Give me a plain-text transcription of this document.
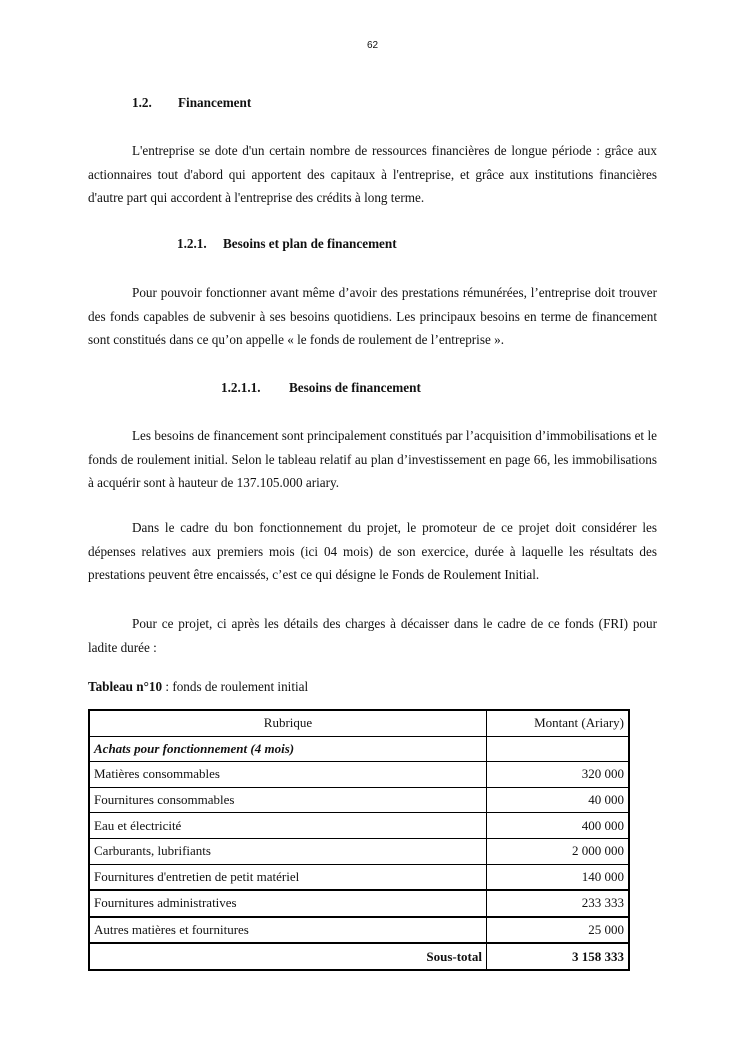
62
1.2. Financement
L'entreprise se dote d'un certain nombre de ressources financières de longue période : grâce aux actionnaires tout d'abord qui apportent des capitaux à l'entreprise, et grâce aux institutions financières d'autre part qui accordent à l'entreprise des crédits à long terme.
1.2.1. Besoins et plan de financement
Pour pouvoir fonctionner avant même d’avoir des prestations rémunérées, l’entreprise doit trouver des fonds capables de subvenir à ses besoins quotidiens. Les principaux besoins en terme de financement sont constitués dans ce qu’on appelle « le fonds de roulement de l’entreprise ».
1.2.1.1. Besoins de financement
Les besoins de financement sont principalement constitués par l’acquisition d’immobilisations et le fonds de roulement initial. Selon le tableau relatif au plan d’investissement en page 66, les immobilisations à acquérir sont à hauteur de 137.105.000 ariary.
Dans le cadre du bon fonctionnement du projet, le promoteur de ce projet doit considérer les dépenses relatives aux premiers mois (ici 04 mois) de son exercice, durée à laquelle les résultats des prestations peuvent être encaissés, c’est ce qui désigne le Fonds de Roulement Initial.
Pour ce projet, ci après les détails des charges à décaisser dans le cadre de ce fonds (FRI) pour ladite durée :
Tableau n°10 : fonds de roulement initial
Rubrique	Montant (Ariary)
Achats pour fonctionnement (4 mois)	
Matières consommables	320 000
Fournitures consommables	40 000
Eau et électricité	400 000
Carburants, lubrifiants	2 000 000
Fournitures d'entretien de petit matériel	140 000
Fournitures administratives	233 333
Autres matières et fournitures	25 000
Sous-total	3 158 333
